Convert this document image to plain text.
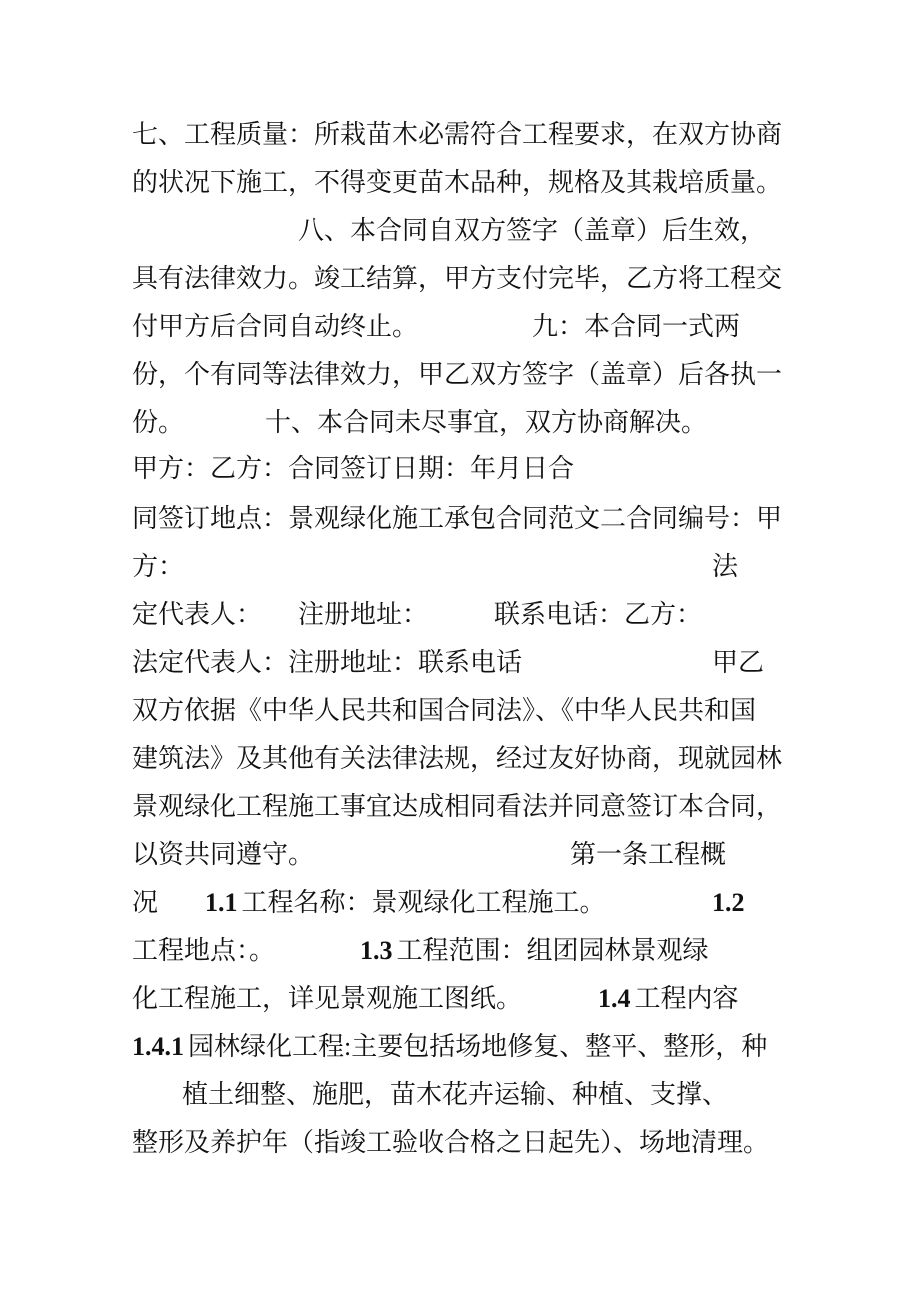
七、工程质量：所栽苗木必需符合工程要求，在双方协商
的状况下施工，不得变更苗木品种，规格及其栽培质量。
八、本合同自双方签字（盖章）后生效，
具有法律效力。竣工结算，甲方支付完毕，乙方将工程交
付甲方后合同自动终止。	九：本合同一式两
份，个有同等法律效力，甲乙双方签字（盖章）后各执一
份。	十、本合同未尽事宜，双方协商解决。
甲方：乙方：合同签订日期：年月日合
同签订地点：景观绿化施工承包合同范文二合同编号：甲
方：	法
定代表人： 注册地址：	联系电话：乙方：
法定代表人：注册地址：联系电话	甲乙
双方依据《中华人民共和国合同法》、《中华人民共和国
建筑法》及其他有关法律法规，经过友好协商，现就园林
景观绿化工程施工事宜达成相同看法并同意签订本合同，
以资共同遵守。	第一条工程概
况 1.1 工程名称：景观绿化工程施工。	1.2
工程地点：。	1.3 工程范围：组团园林景观绿
化工程施工，详见景观施工图纸。	1.4 工程内容
1.4.1 园林绿化工程:主要包括场地修复、整平、整形，种
植土细整、施肥，苗木花卉运输、种植、支撑、
整形及养护年（指竣工验收合格之日起先）、场地清理。
